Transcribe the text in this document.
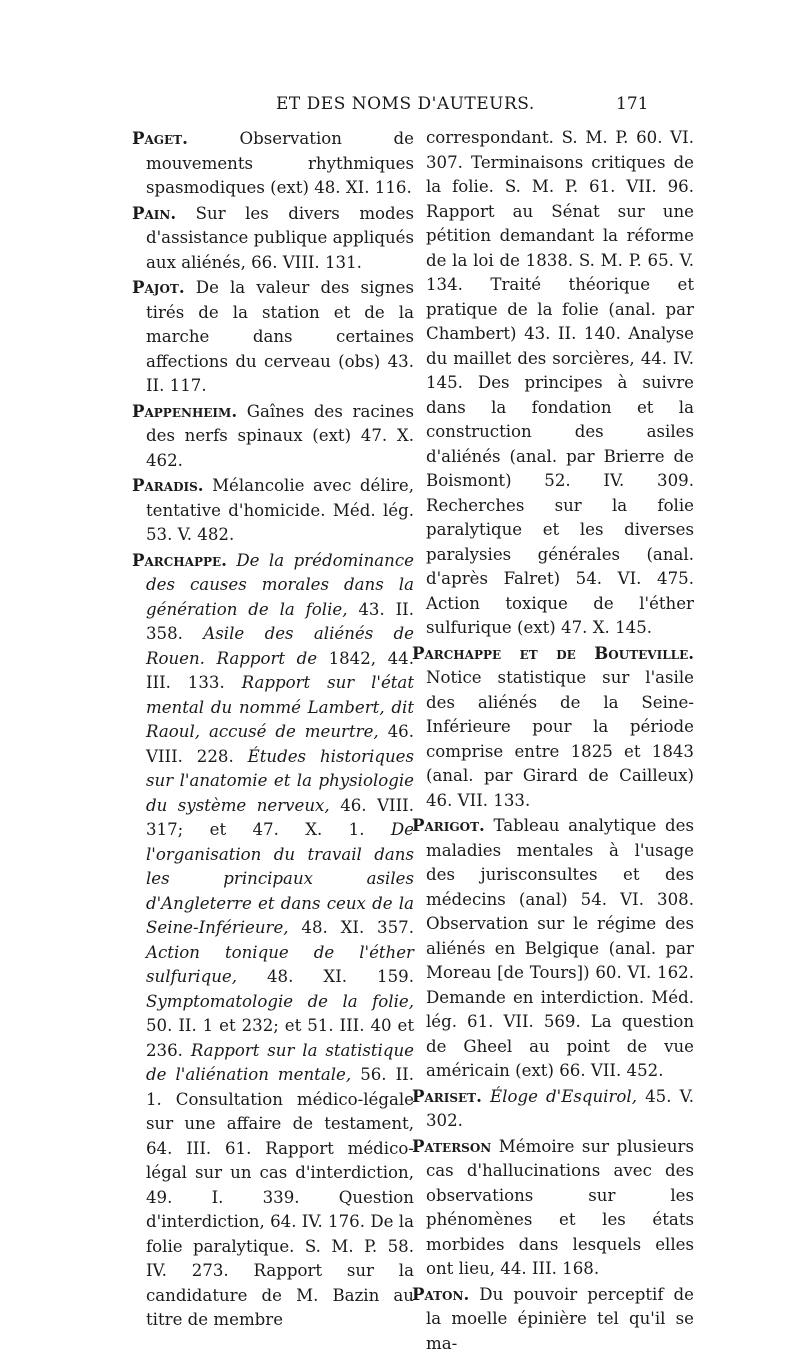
ET DES NOMS D'AUTEURS.	171

Paget. Observation de mouvements rhythmiques spasmodiques (ext) 48. XI. 116.

Pain. Sur les divers modes d'assistance publique appliqués aux aliénés, 66. VIII. 131.

Pajot. De la valeur des signes tirés de la station et de la marche dans certaines affections du cerveau (obs) 43. II. 117.

Pappenheim. Gaînes des racines des nerfs spinaux (ext) 47. X. 462.

Paradis. Mélancolie avec délire, tentative d'homicide. Méd. lég. 53. V. 482.

Parchappe. De la prédominance des causes morales dans la génération de la folie, 43. II. 358. Asile des aliénés de Rouen. Rapport de 1842, 44. III. 133. Rapport sur l'état mental du nommé Lambert, dit Raoul, accusé de meurtre, 46. VIII. 228. Études historiques sur l'anatomie et la physiologie du système nerveux, 46. VIII. 317; et 47. X. 1. De l'organisation du travail dans les principaux asiles d'Angleterre et dans ceux de la Seine-Inférieure, 48. XI. 357. Action tonique de l'éther sulfurique, 48. XI. 159. Symptomatologie de la folie, 50. II. 1 et 232; et 51. III. 40 et 236. Rapport sur la statistique de l'aliénation mentale, 56. II. 1. Consultation médico-légale sur une affaire de testament, 64. III. 61. Rapport médico-légal sur un cas d'interdiction, 49. I. 339. Question d'interdiction, 64. IV. 176. De la folie paralytique. S. M. P. 58. IV. 273. Rapport sur la candidature de M. Bazin au titre de membre

correspondant. S. M. P. 60. VI. 307. Terminaisons critiques de la folie. S. M. P. 61. VII. 96. Rapport au Sénat sur une pétition demandant la réforme de la loi de 1838. S. M. P. 65. V. 134. Traité théorique et pratique de la folie (anal. par Chambert) 43. II. 140. Analyse du maillet des sorcières, 44. IV. 145. Des principes à suivre dans la fondation et la construction des asiles d'aliénés (anal. par Brierre de Boismont) 52. IV. 309. Recherches sur la folie paralytique et les diverses paralysies générales (anal. d'après Falret) 54. VI. 475. Action toxique de l'éther sulfurique (ext) 47. X. 145.

Parchappe et de Bouteville. Notice statistique sur l'asile des aliénés de la Seine-Inférieure pour la période comprise entre 1825 et 1843 (anal. par Girard de Cailleux) 46. VII. 133.

Parigot. Tableau analytique des maladies mentales à l'usage des jurisconsultes et des médecins (anal) 54. VI. 308. Observation sur le régime des aliénés en Belgique (anal. par Moreau [de Tours]) 60. VI. 162. Demande en interdiction. Méd. lég. 61. VII. 569. La question de Gheel au point de vue américain (ext) 66. VII. 452.

Pariset. Éloge d'Esquirol, 45. V. 302.

Paterson Mémoire sur plusieurs cas d'hallucinations avec des observations sur les phénomènes et les états morbides dans lesquels elles ont lieu, 44. III. 168.

Paton. Du pouvoir perceptif de la moelle épinière tel qu'il se ma-
